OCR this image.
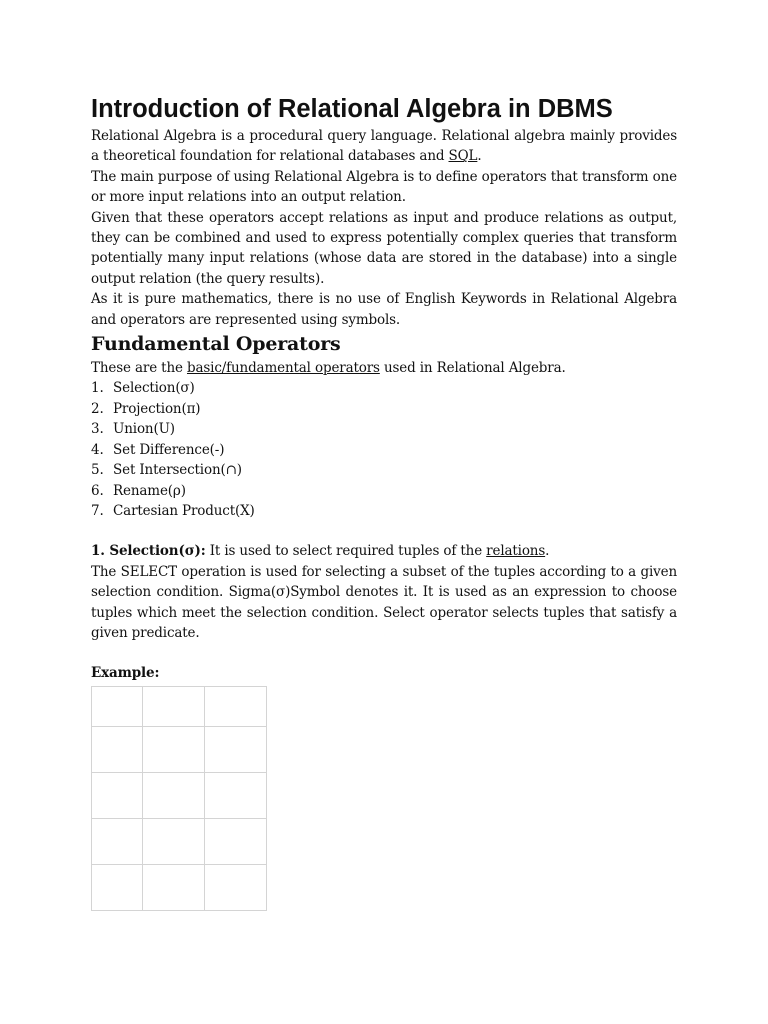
Introduction of Relational Algebra in DBMS

Relational Algebra is a procedural query language. Relational algebra mainly provides a theoretical foundation for relational databases and SQL.

The main purpose of using Relational Algebra is to define operators that transform one or more input relations into an output relation.

Given that these operators accept relations as input and produce relations as output, they can be combined and used to express potentially complex queries that transform potentially many input relations (whose data are stored in the database) into a single output relation (the query results).

As it is pure mathematics, there is no use of English Keywords in Relational Algebra and operators are represented using symbols.

Fundamental Operators

These are the basic/fundamental operators used in Relational Algebra.

1. Selection(σ)
2. Projection(π)
3. Union(U)
4. Set Difference(-)
5. Set Intersection(∩)
6. Rename(ρ)
7. Cartesian Product(X)

1. Selection(σ): It is used to select required tuples of the relations.

The SELECT operation is used for selecting a subset of the tuples according to a given selection condition. Sigma(σ)Symbol denotes it. It is used as an expression to choose tuples which meet the selection condition. Select operator selects tuples that satisfy a given predicate.

Example:
